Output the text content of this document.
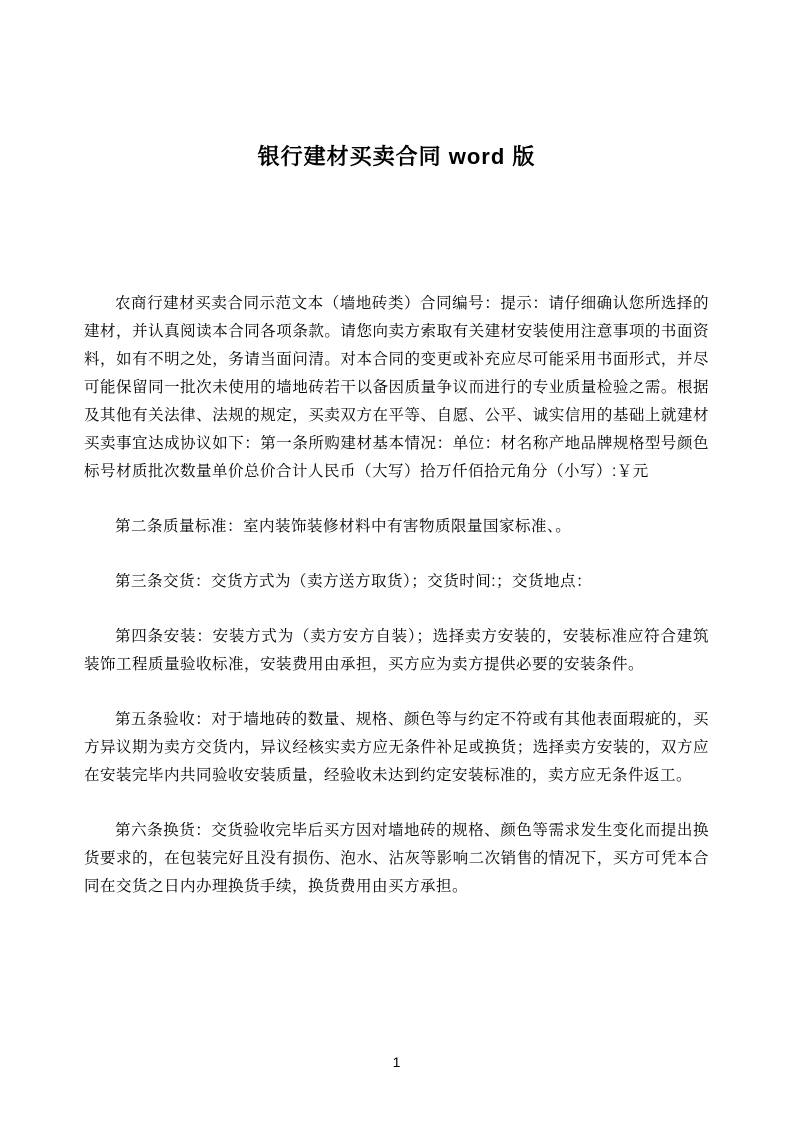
银行建材买卖合同 word 版

农商行建材买卖合同示范文本（墙地砖类）合同编号：提示：请仔细确认您所选择的建材，并认真阅读本合同各项条款。请您向卖方索取有关建材安装使用注意事项的书面资料，如有不明之处，务请当面问清。对本合同的变更或补充应尽可能采用书面形式，并尽可能保留同一批次未使用的墙地砖若干以备因质量争议而进行的专业质量检验之需。根据及其他有关法律、法规的规定，买卖双方在平等、自愿、公平、诚实信用的基础上就建材买卖事宜达成协议如下：第一条所购建材基本情况：单位：材名称产地品牌规格型号颜色标号材质批次数量单价总价合计人民币（大写）拾万仟佰拾元角分（小写）:￥元

第二条质量标准：室内装饰装修材料中有害物质限量国家标准、。

第三条交货：交货方式为（卖方送方取货）；交货时间:；交货地点：

第四条安装：安装方式为（卖方安方自装）；选择卖方安装的，安装标准应符合建筑装饰工程质量验收标准，安装费用由承担，买方应为卖方提供必要的安装条件。

第五条验收：对于墙地砖的数量、规格、颜色等与约定不符或有其他表面瑕疵的，买方异议期为卖方交货内，异议经核实卖方应无条件补足或换货；选择卖方安装的，双方应在安装完毕内共同验收安装质量，经验收未达到约定安装标准的，卖方应无条件返工。

第六条换货：交货验收完毕后买方因对墙地砖的规格、颜色等需求发生变化而提出换货要求的，在包装完好且没有损伤、泡水、沾灰等影响二次销售的情况下，买方可凭本合同在交货之日内办理换货手续，换货费用由买方承担。

1
